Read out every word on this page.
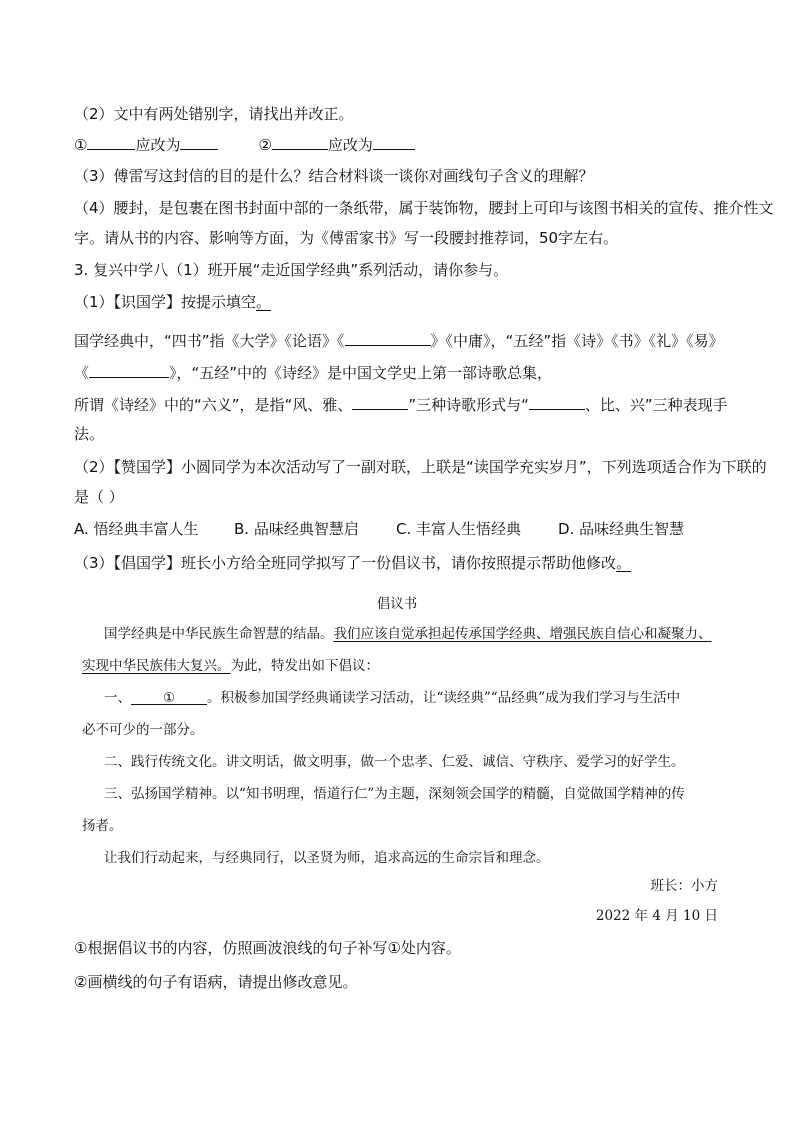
（2）文中有两处错别字，请找出并改正。
①	应改为	②	应改为
（3）傅雷写这封信的目的是什么？结合材料谈一谈你对画线句子含义的理解？
（4）腰封，是包裹在图书封面中部的一条纸带，属于装饰物，腰封上可印与该图书相关的宣传、推介性文
字。请从书的内容、影响等方面，为《傅雷家书》写一段腰封推荐词，50字左右。
3. 复兴中学八（1）班开展“走近国学经典”系列活动，请你参与。
（1）【识国学】按提示填空。
国学经典中，“四书”指《大学》《论语》《	》《中庸》，“五经”指《诗》《书》《礼》《易》
《	》，“五经”中的《诗经》是中国文学史上第一部诗歌总集，
所谓《诗经》中的“六义”，是指“风、雅、	”三种诗歌形式与“	、比、兴”三种表现手
法。
（2）【赞国学】小圆同学为本次活动写了一副对联，上联是“读国学充实岁月”，下列选项适合作为下联的
是（ ）
A. 悟经典丰富人生 B. 品味经典智慧启 C. 丰富人生悟经典 D. 品味经典生智慧
（3）【倡国学】班长小方给全班同学拟写了一份倡议书，请你按照提示帮助他修改。
倡议书
国学经典是中华民族生命智慧的结晶。我们应该自觉承担起传承国学经典、增强民族自信心和凝聚力、
实现中华民族伟大复兴。为此，特发出如下倡议：
一、 ① 。积极参加国学经典诵读学习活动，让“读经典”“品经典”成为我们学习与生活中
必不可少的一部分。
二、践行传统文化。讲文明话，做文明事，做一个忠孝、仁爱、诚信、守秩序、爱学习的好学生。
三、弘扬国学精神。以“知书明理，悟道行仁”为主题，深刻领会国学的精髓，自觉做国学精神的传
扬者。
让我们行动起来，与经典同行，以圣贤为师，追求高远的生命宗旨和理念。
班长：小方
2022 年 4 月 10 日
①根据倡议书的内容，仿照画波浪线的句子补写①处内容。
②画横线的句子有语病，请提出修改意见。
